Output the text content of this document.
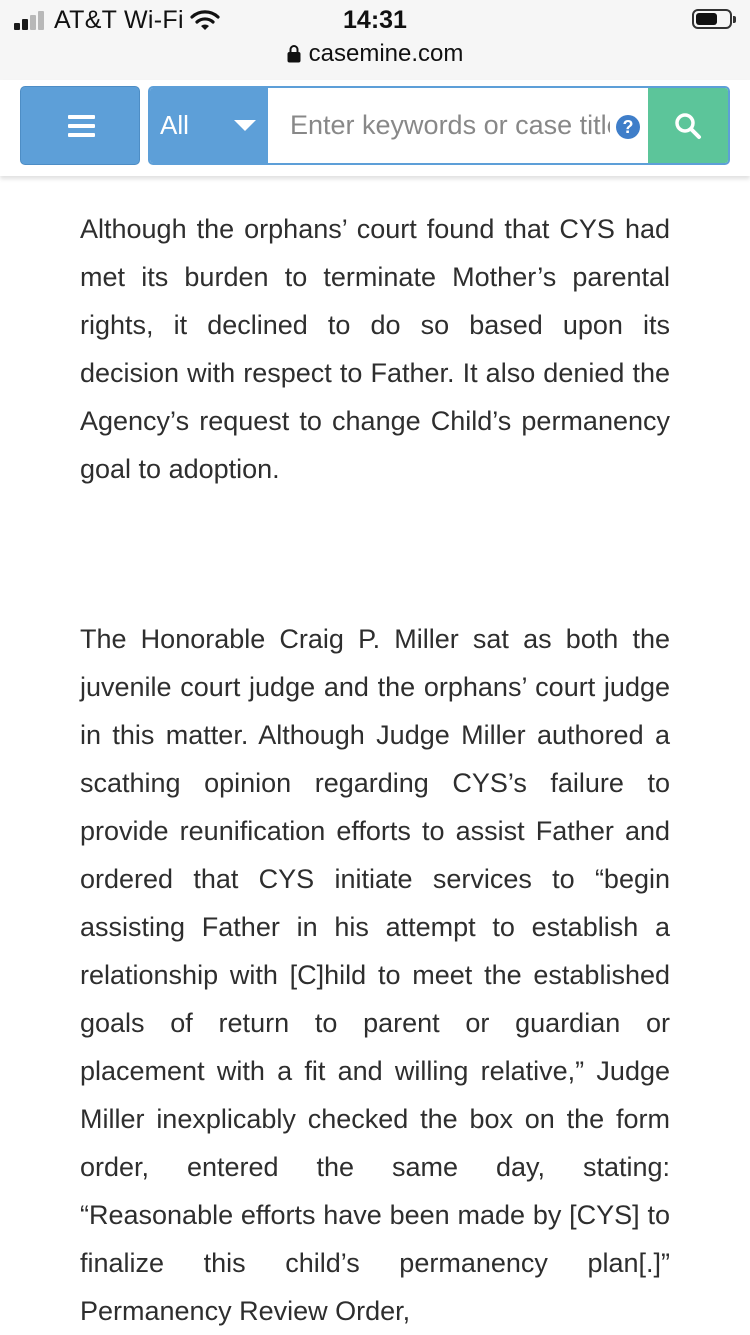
AT&T Wi-Fi	14:31
casemine.com
All
Enter keywords or case title	?

Although the orphans’ court found that CYS had met its burden to terminate Mother’s parental rights, it declined to do so based upon its decision with respect to Father. It also denied the Agency’s request to change Child’s permanency goal to adoption.

The Honorable Craig P. Miller sat as both the juvenile court judge and the orphans’ court judge in this matter. Although Judge Miller authored a scathing opinion regarding CYS’s failure to provide reunification efforts to assist Father and ordered that CYS initiate services to “begin assisting Father in his attempt to establish a relationship with [C]hild to meet the established goals of return to parent or guardian or placement with a fit and willing relative,” Judge Miller inexplicably checked the box on the form order, entered the same day, stating: “Reasonable efforts have been made by [CYS] to finalize this child’s permanency plan[.]” Permanency Review Order,
